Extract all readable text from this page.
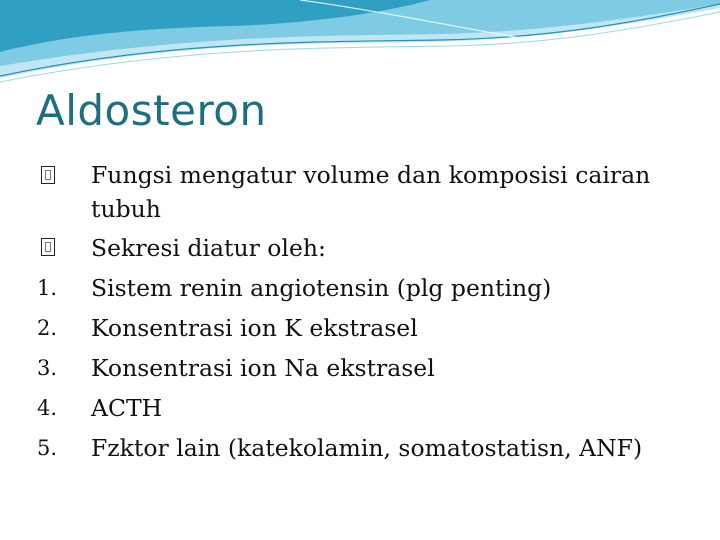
Aldosteron
Fungsi mengatur volume dan komposisi cairan tubuh
Sekresi diatur oleh:
1.	Sistem renin angiotensin (plg penting)
2.	Konsentrasi ion K ekstrasel
3.	Konsentrasi ion Na ekstrasel
4.	ACTH
5.	Fzktor lain (katekolamin, somatostatisn, ANF)
